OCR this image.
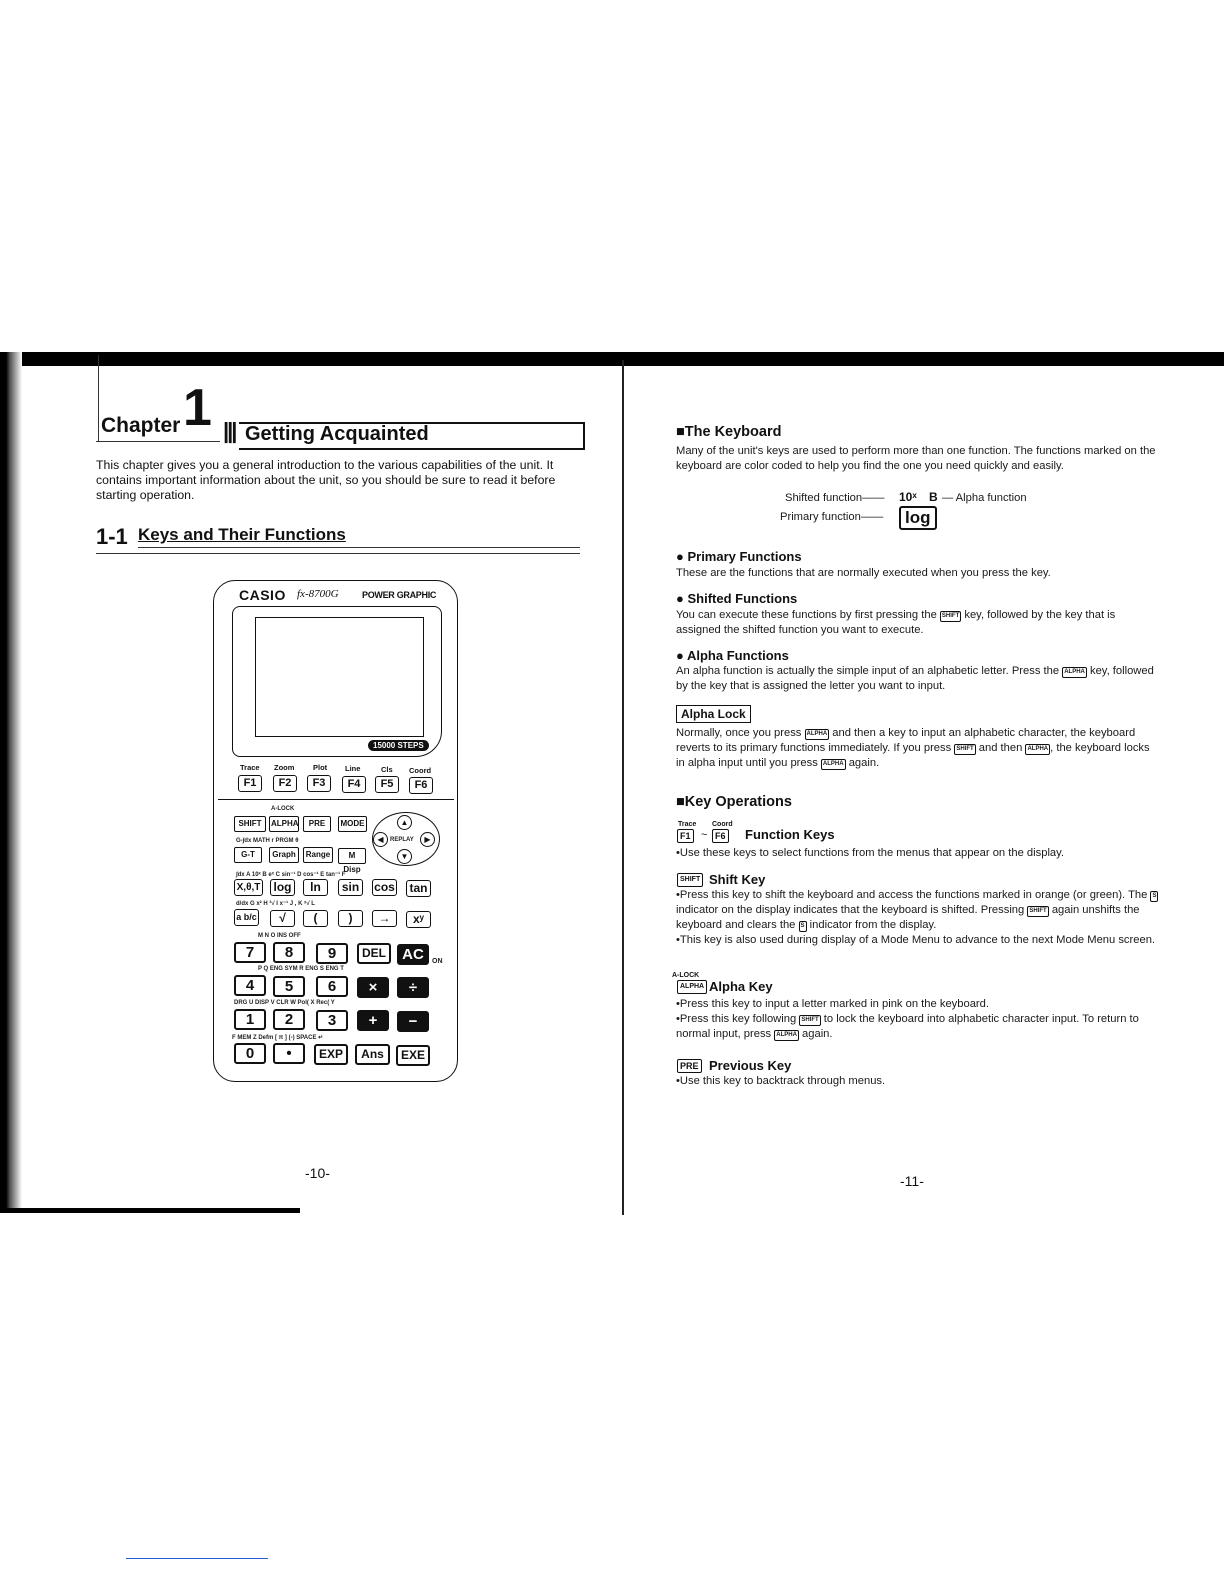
Chapter 1 ||| Getting Acquainted
This chapter gives you a general introduction to the various capabilities of the unit. It contains important information about the unit, so you should be sure to read it before starting operation.
1-1 Keys and Their Functions
CASIO fx-8700G	POWER GRAPHIC
15000 STEPS
Trace Zoom Plot Line	Cls Coord
F1	F2	F3	F4	F5	F6
A-LOCK
SHIFT	ALPHA	PRE	MODE
G-∫dx MATH r PRGM θ
G-T	Graph	Range	M Disp
▲
◀	▶
▼
REPLAY
∫dx A 10ˣ B eˣ C sin⁻¹ D cos⁻¹ E tan⁻¹ F
X,θ,T log	ln	sin	cos tan
d/dx G x² H ³√ I x⁻¹ J , K ˣ√ L
a b/c	√	(	)	→	xʸ
M N O INS OFF
7	8	9	DEL	AC	ON
P Q ENG SYM R ENG S ENG T
4	5	6	×	÷
DRG U DISP V CLR W Pol( X Rec( Y
1	2	3	+	−
F MEM Z Defm [ π ] (-) SPACE ↵
0	•	EXP	Ans	EXE
-10-
■The Keyboard
Many of the unit's keys are used to perform more than one function. The functions marked on the keyboard are color coded to help you find the one you need quickly and easily.
Shifted function—— 10ˣ B — Alpha function
Primary function——	log
● Primary Functions
These are the functions that are normally executed when you press the key.
● Shifted Functions
You can execute these functions by first pressing the SHIFT key, followed by the key that is assigned the shifted function you want to execute.
● Alpha Functions
An alpha function is actually the simple input of an alphabetic letter. Press the ALPHA key, followed by the key that is assigned the letter you want to input.
Alpha Lock
Normally, once you press ALPHA and then a key to input an alphabetic character, the keyboard reverts to its primary functions immediately. If you press SHIFT and then ALPHA , the keyboard locks in alpha input until you press ALPHA again.
■Key Operations
Trace Coord
F1 ~ F6 Function Keys
•Use these keys to select functions from the menus that appear on the display.
SHIFT Shift Key
•Press this key to shift the keyboard and access the functions marked in orange (or green). The S indicator on the display indicates that the keyboard is shifted. Pressing SHIFT again unshifts the keyboard and clears the S indicator from the display.
•This key is also used during display of a Mode Menu to advance to the next Mode Menu screen.
A-LOCK
ALPHA Alpha Key
•Press this key to input a letter marked in pink on the keyboard.
•Press this key following SHIFT to lock the keyboard into alphabetic character input. To return to normal input, press ALPHA again.
PRE Previous Key
•Use this key to backtrack through menus.
-11-
